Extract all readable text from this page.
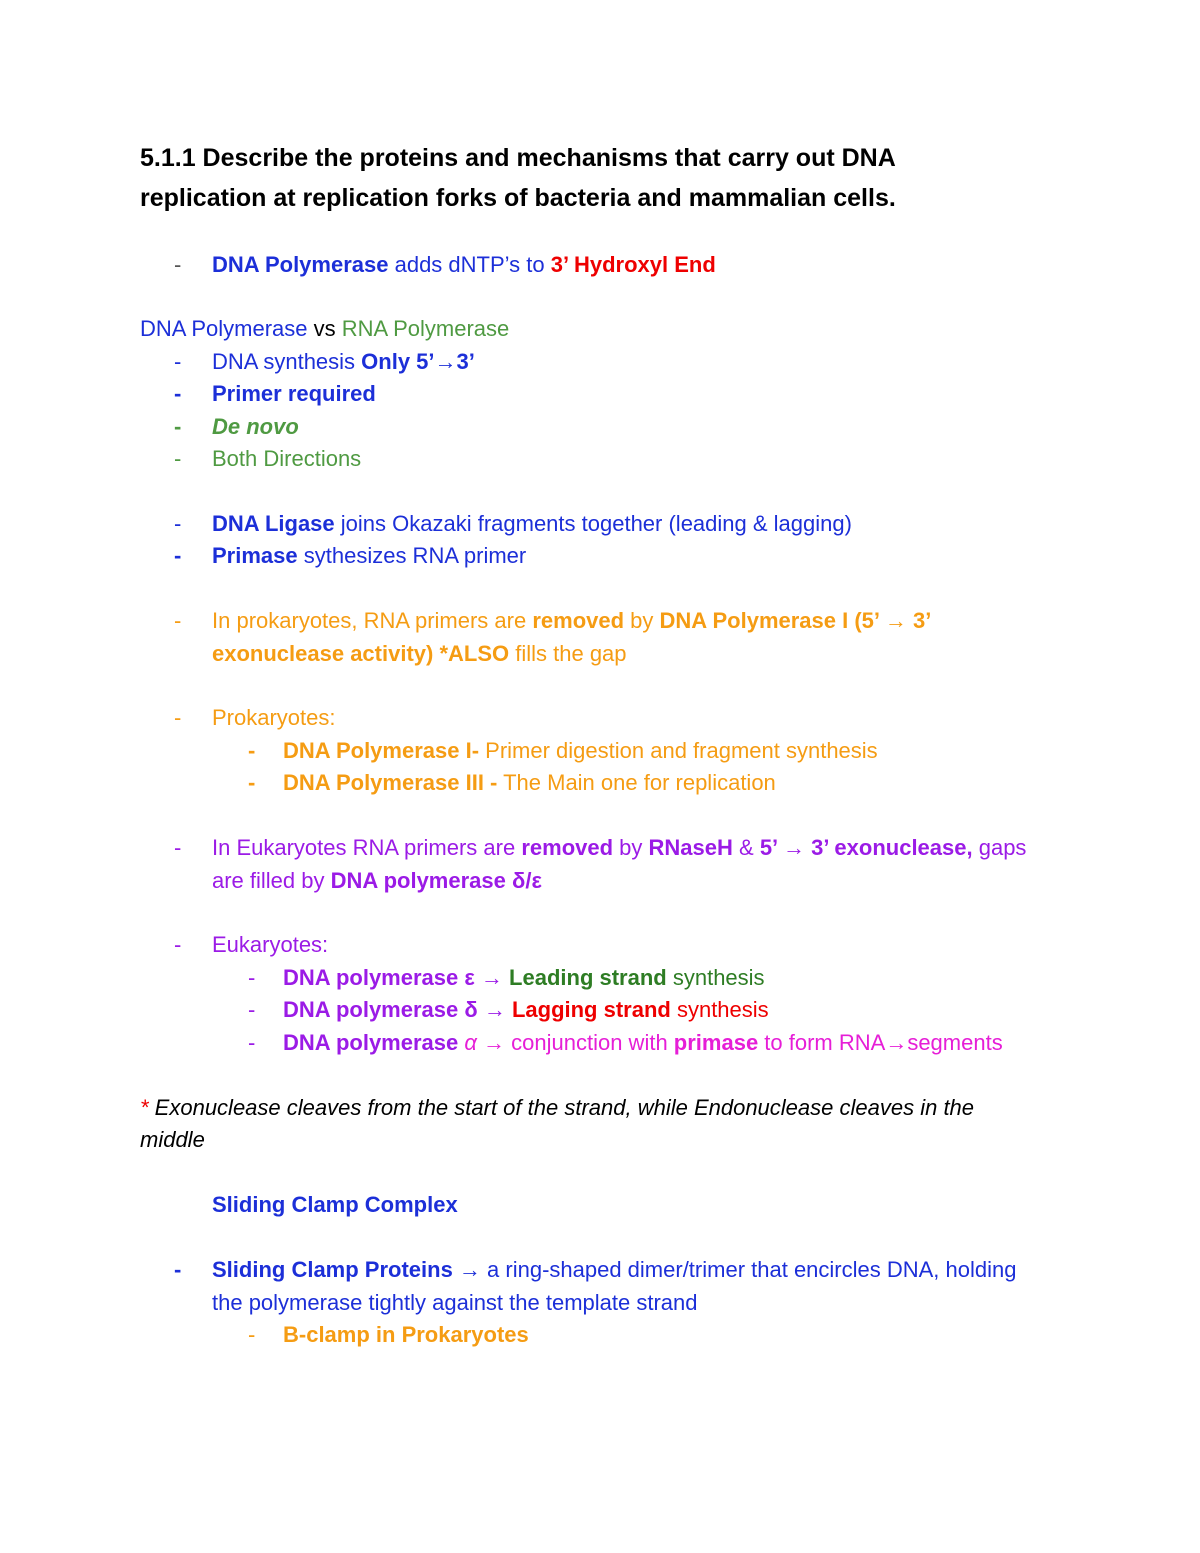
5.1.1 Describe the proteins and mechanisms that carry out DNA
replication at replication forks of bacteria and mammalian cells.
-	DNA Polymerase adds dNTP’s to 3’ Hydroxyl End
DNA Polymerase vs RNA Polymerase
-	DNA synthesis Only 5’→3’
-	Primer required
-	De novo
-	Both Directions
-	DNA Ligase joins Okazaki fragments together (leading & lagging)
-	Primase sythesizes RNA primer
-	In prokaryotes, RNA primers are removed by DNA Polymerase I (5’ → 3’
exonuclease activity) *ALSO fills the gap
-	Prokaryotes:
-	DNA Polymerase I- Primer digestion and fragment synthesis
-	DNA Polymerase III - The Main one for replication
-	In Eukaryotes RNA primers are removed by RNaseH & 5’ → 3’ exonuclease, gaps
are filled by DNA polymerase δ/ε
-	Eukaryotes:
-	DNA polymerase ε → Leading strand synthesis
-	DNA polymerase δ → Lagging strand synthesis
-	DNA polymerase α → conjunction with primase to form RNA→segments
* Exonuclease cleaves from the start of the strand, while Endonuclease cleaves in the
middle
Sliding Clamp Complex
-	Sliding Clamp Proteins → a ring-shaped dimer/trimer that encircles DNA, holding
the polymerase tightly against the template strand
-	B-clamp in Prokaryotes
